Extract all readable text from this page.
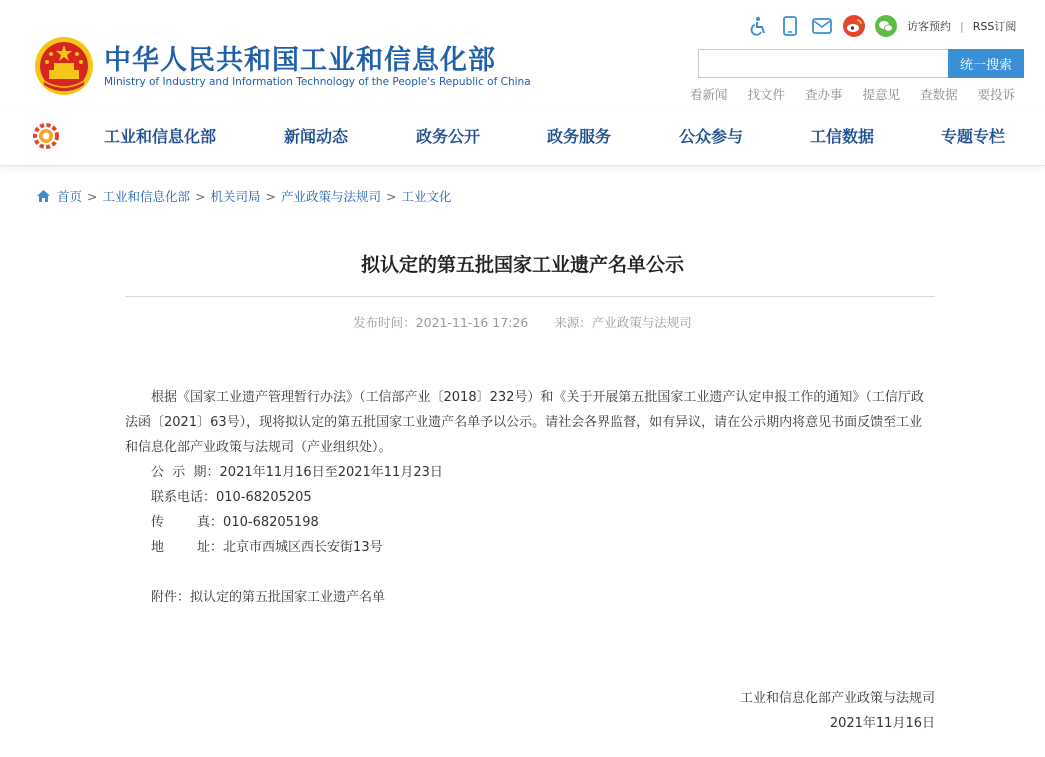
中华人民共和国工业和信息化部
Ministry of Industry and Information Technology of the People's Republic of China
访客预约 | RSS订阅
统一搜索
看新闻 找文件 查办事 提意见 查数据 要投诉
工业和信息化部	新闻动态	政务公开	政务服务	公众参与	工信数据	专题专栏
首页 > 工业和信息化部 > 机关司局 > 产业政策与法规司 > 工业文化
拟认定的第五批国家工业遗产名单公示
发布时间：2021-11-16 17:26 来源：产业政策与法规司

根据《国家工业遗产管理暂行办法》（工信部产业〔2018〕232号）和《关于开展第五批国家工业遗产认定申报工作的通知》（工信厅政法函〔2021〕63号），现将拟认定的第五批国家工业遗产名单予以公示。请社会各界监督，如有异议，请在公示期内将意见书面反馈至工业和信息化部产业政策与法规司（产业组织处）。

公  示  期：2021年11月16日至2021年11月23日

联系电话：010-68205205

传        真：010-68205198

地        址：北京市西城区西长安街13号

附件：拟认定的第五批国家工业遗产名单

工业和信息化部产业政策与法规司
2021年11月16日
